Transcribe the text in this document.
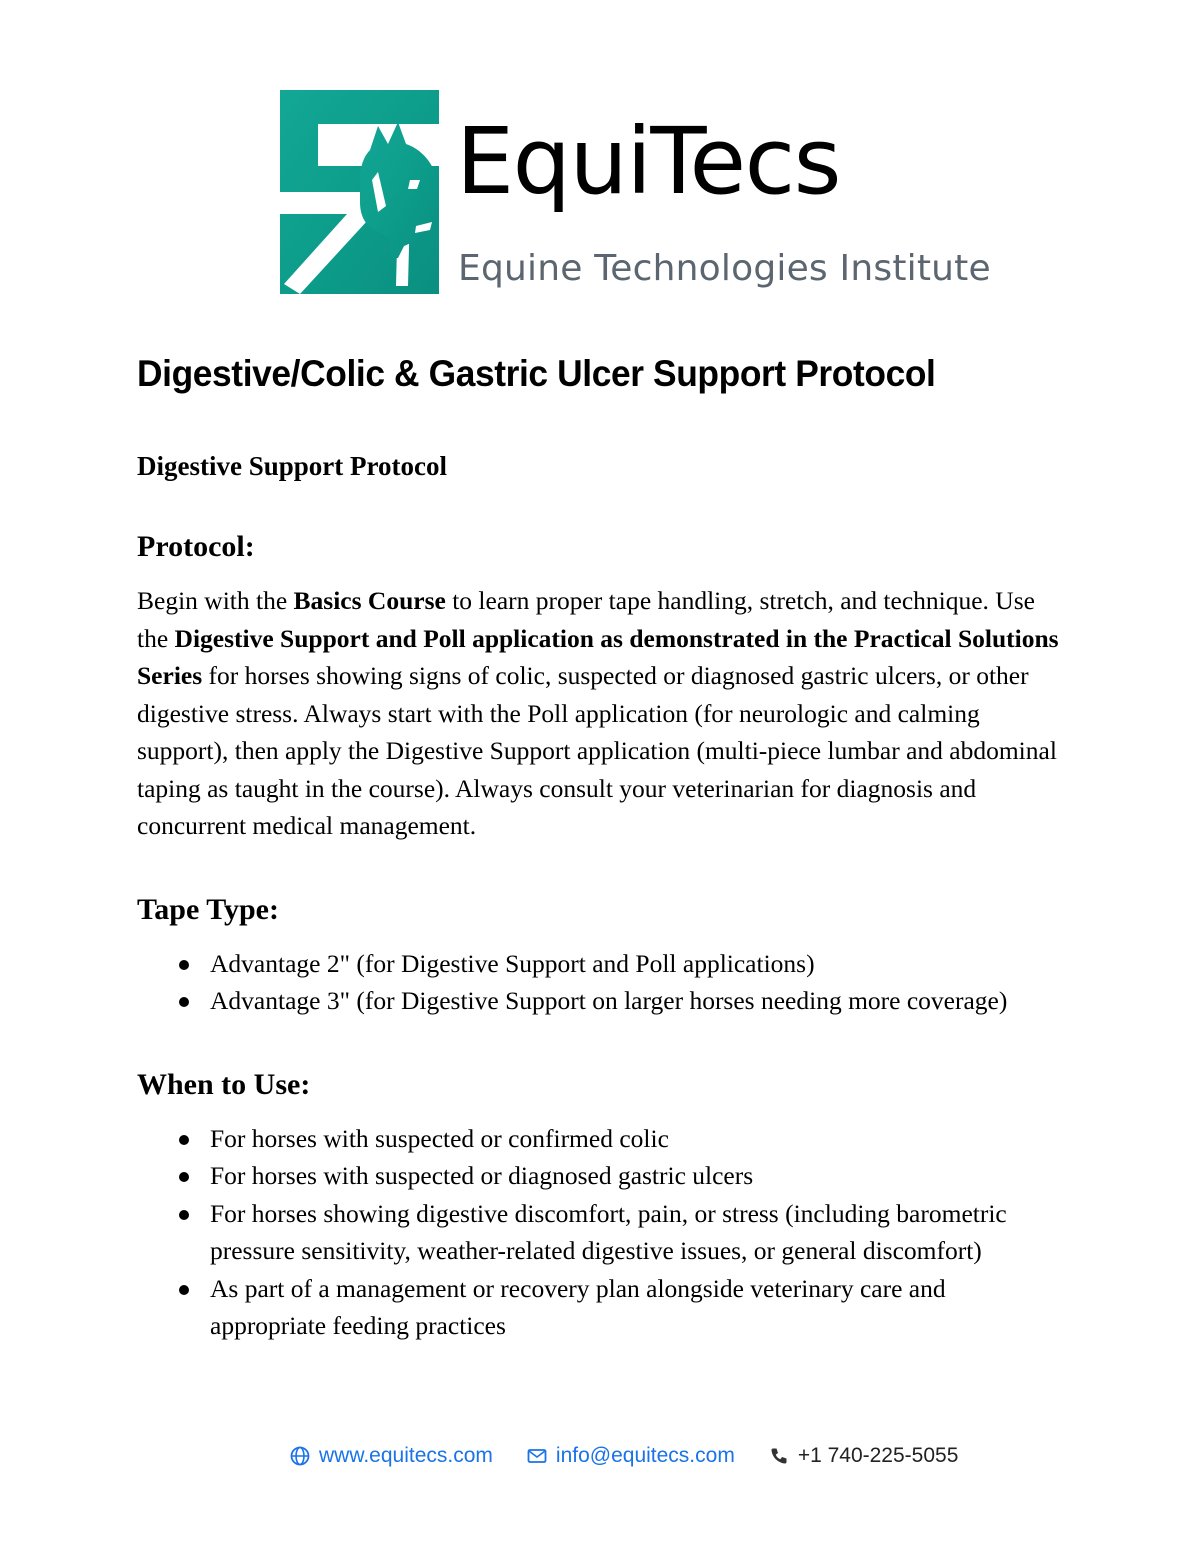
EquiTecs
Equine Technologies Institute
Digestive/Colic & Gastric Ulcer Support Protocol
Digestive Support Protocol
Protocol:

Begin with the Basics Course to learn proper tape handling, stretch, and technique. Use the Digestive Support and Poll application as demonstrated in the Practical Solutions Series for horses showing signs of colic, suspected or diagnosed gastric ulcers, or other digestive stress. Always start with the Poll application (for neurologic and calming support), then apply the Digestive Support application (multi-piece lumbar and abdominal taping as taught in the course). Always consult your veterinarian for diagnosis and concurrent medical management.

Tape Type:
Advantage 2" (for Digestive Support and Poll applications)
Advantage 3" (for Digestive Support on larger horses needing more coverage)
When to Use:
For horses with suspected or confirmed colic
For horses with suspected or diagnosed gastric ulcers
For horses showing digestive discomfort, pain, or stress (including barometric pressure sensitivity, weather-related digestive issues, or general discomfort)
As part of a management or recovery plan alongside veterinary care and appropriate feeding practices
www.equitecs.com	info@equitecs.com	+1 740-225-5055
